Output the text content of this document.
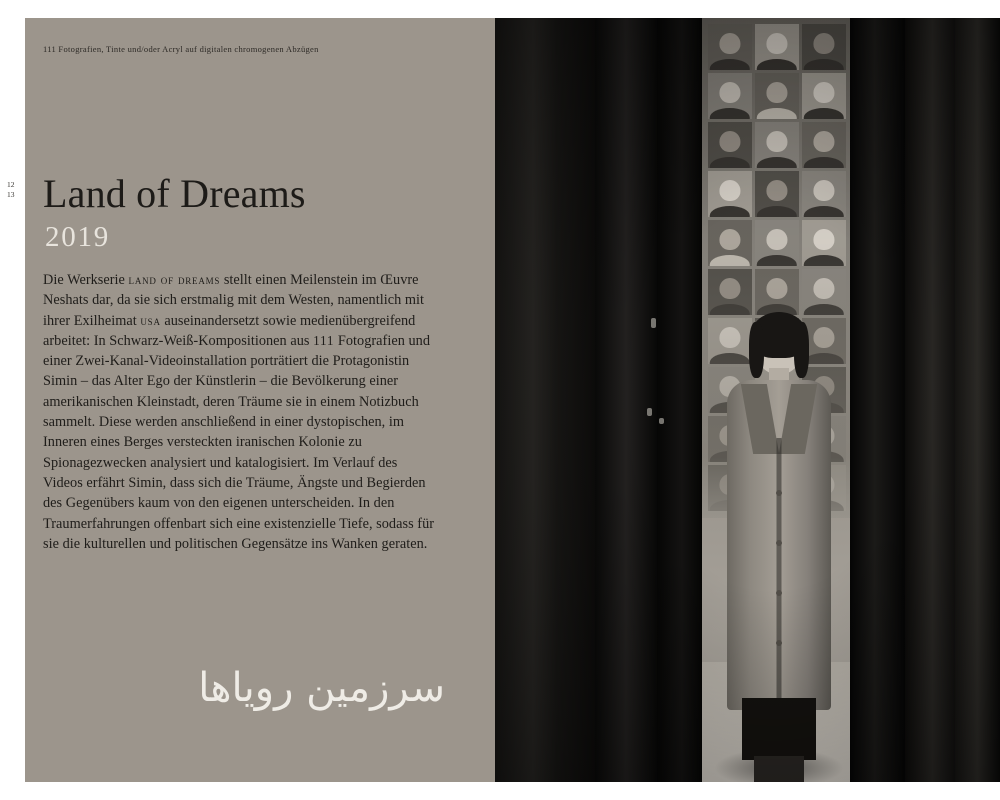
12
13
111 Fotografien, Tinte und/oder Acryl auf digitalen chromogenen Abzügen
Land of Dreams
2019
Die Werkserie land of dreams stellt einen Meilenstein im Œuvre Neshats dar, da sie sich erstmalig mit dem Westen, namentlich mit ihrer Exilheimat usa auseinandersetzt sowie medienübergreifend arbeitet: In Schwarz-Weiß-Kompositionen aus 111 Fotografien und einer Zwei-Kanal-Videoinstallation porträtiert die Protagonistin Simin – das Alter Ego der Künstlerin – die Bevölkerung einer amerikanischen Kleinstadt, deren Träume sie in einem Notizbuch sammelt. Diese werden anschließend in einer dystopischen, im Inneren eines Berges versteckten iranischen Kolonie zu Spionagezwecken analysiert und katalogisiert. Im Verlauf des Videos erfährt Simin, dass sich die Träume, Ängste und Begierden des Gegenübers kaum von den eigenen unterscheiden. In den Traumerfahrungen offenbart sich eine existenzielle Tiefe, sodass für sie die kulturellen und politischen Gegensätze ins Wanken geraten.
سرزمین رویاها
